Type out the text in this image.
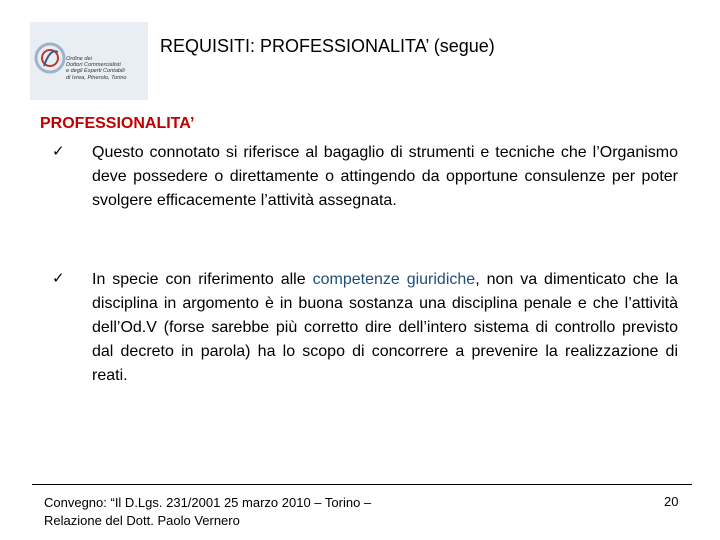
Ordine dei
Dottori Commercialisti
e degli Esperti Contabili
di Ivrea, Pinerolo, Torino
REQUISITI: PROFESSIONALITA’ (segue)
PROFESSIONALITA’
✓ Questo connotato si riferisce al bagaglio di strumenti e tecniche che l’Organismo deve possedere o direttamente o attingendo da opportune consulenze per poter svolgere efficacemente l’attività assegnata.
✓ In specie con riferimento alle competenze giuridiche, non va dimenticato che la disciplina in argomento è in buona sostanza una disciplina penale e che l’attività dell’Od.V (forse sarebbe più corretto dire dell’intero sistema di controllo previsto dal decreto in parola) ha lo scopo di concorrere a prevenire la realizzazione di reati.
Convegno: “Il D.Lgs. 231/2001 25 marzo 2010 – Torino –
Relazione del Dott. Paolo Vernero
20
